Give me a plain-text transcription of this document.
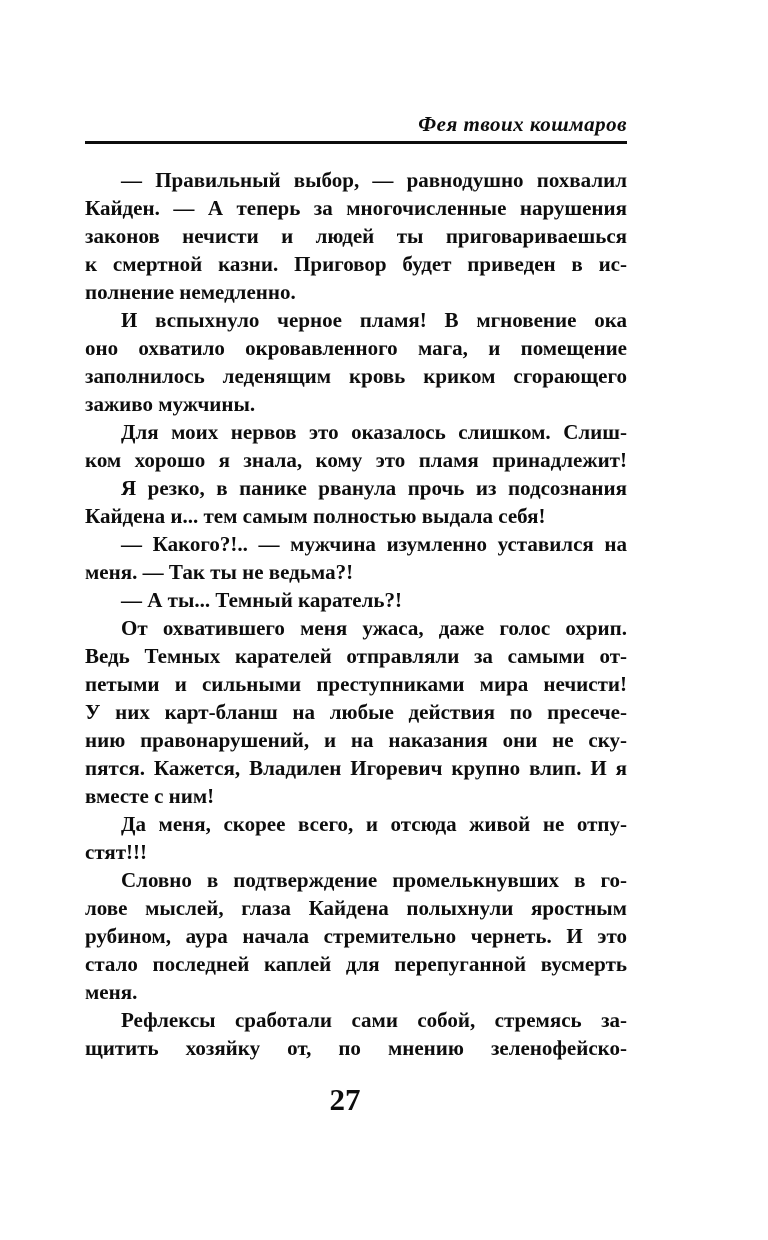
Фея твоих кошмаров
— Правильный выбор, — равнодушно похвалил
Кайден. — А теперь за многочисленные нарушения
законов нечисти и людей ты приговариваешься
к смертной казни. Приговор будет приведен в ис-
полнение немедленно.
И вспыхнуло черное пламя! В мгновение ока
оно охватило окровавленного мага, и помещение
заполнилось леденящим кровь криком сгорающего
заживо мужчины.
Для моих нервов это оказалось слишком. Слиш-
ком хорошо я знала, кому это пламя принадлежит!
Я резко, в панике рванула прочь из подсознания
Кайдена и... тем самым полностью выдала себя!
— Какого?!.. — мужчина изумленно уставился на
меня. — Так ты не ведьма?!
— А ты... Темный каратель?!
От охватившего меня ужаса, даже голос охрип.
Ведь Темных карателей отправляли за самыми от-
петыми и сильными преступниками мира нечисти!
У них карт-бланш на любые действия по пресече-
нию правонарушений, и на наказания они не ску-
пятся. Кажется, Владилен Игоревич крупно влип. И я
вместе с ним!
Да меня, скорее всего, и отсюда живой не отпу-
стят!!!
Словно в подтверждение промелькнувших в го-
лове мыслей, глаза Кайдена полыхнули яростным
рубином, аура начала стремительно чернеть. И это
стало последней каплей для перепуганной вусмерть
меня.
Рефлексы сработали сами собой, стремясь за-
щитить хозяйку от, по мнению зеленофейско-
27
